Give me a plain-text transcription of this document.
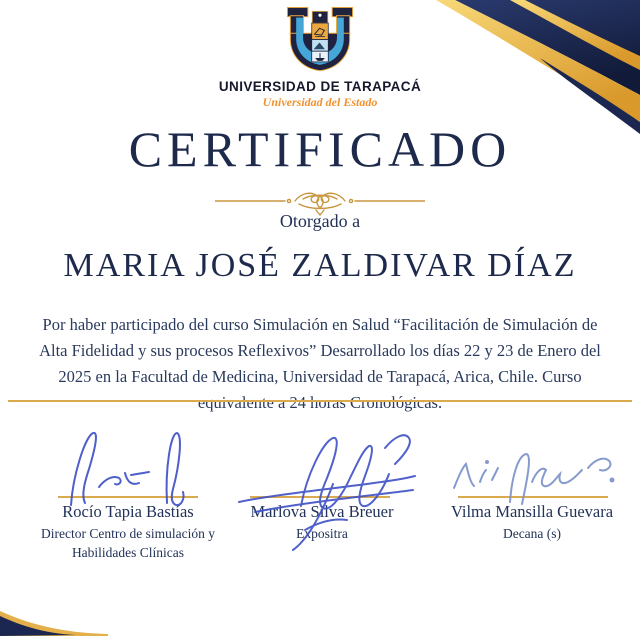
UNIVERSIDAD DE TARAPACÁ
Universidad del Estado
CERTIFICADO
Otorgado a
MARIA JOSÉ ZALDIVAR DÍAZ
Por haber participado del curso Simulación en Salud “Facilitación de Simulación de Alta Fidelidad y sus procesos Reflexivos” Desarrollado los días 22 y 23 de Enero del 2025 en la Facultad de Medicina, Universidad de Tarapacá, Arica, Chile. Curso equivalente a 24 horas Cronológicas.
Rocío Tapia Bastías
Director Centro de simulación y Habilidades Clínicas
Marlova Silva Breuer
Expositra
Vilma Mansilla Guevara
Decana (s)
